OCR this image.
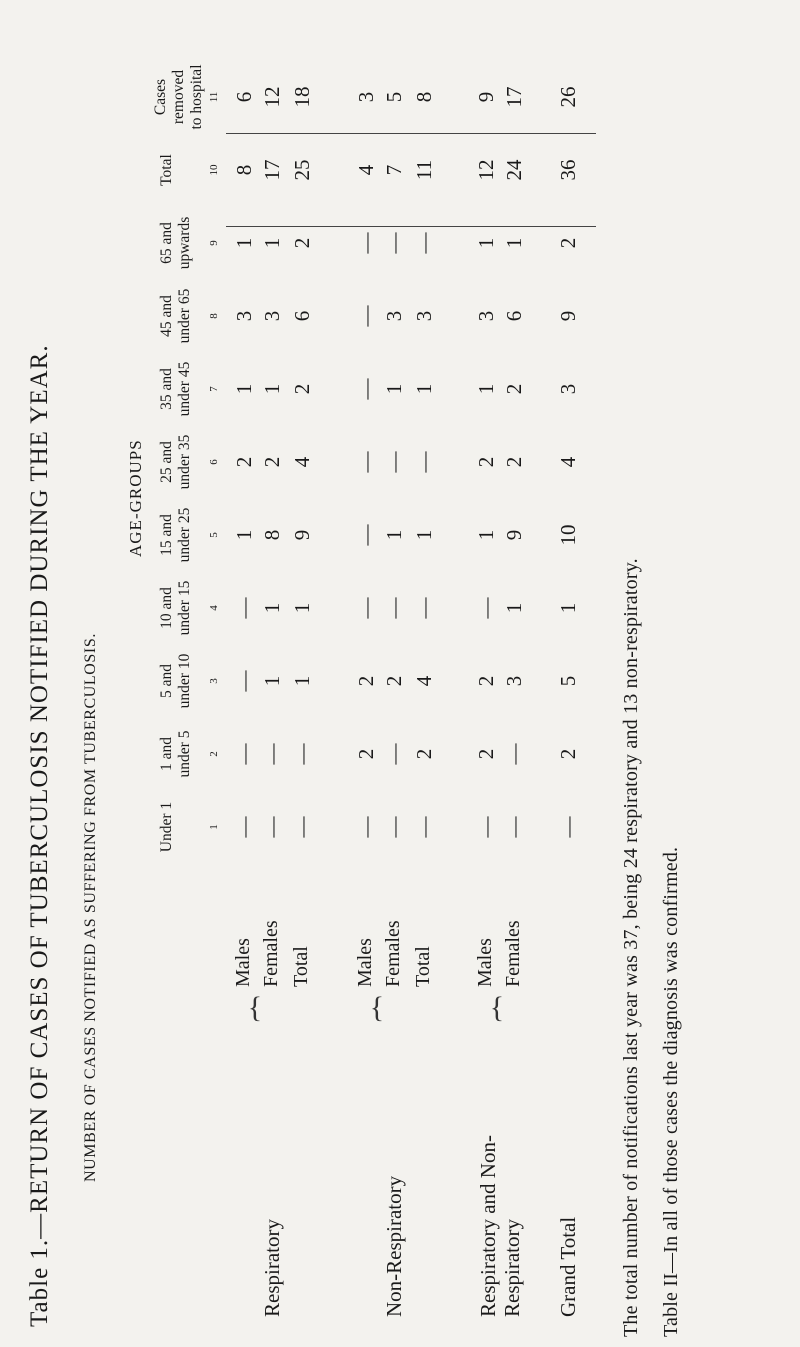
Table 1.—RETURN OF CASES OF TUBERCULOSIS NOTIFIED DURING THE YEAR. NUMBER OF CASES NOTIFIED AS SUFFERING FROM TUBERCULOSIS.
AGE-GROUPS
Under 1
1 and under 5
5 and under 10
10 and under 15
15 and under 25
25 and under 35
35 and under 45
45 and under 65
65 and upwards
Total
Cases removed to hospital
1
2
3
4
5
6
7
8
9
10
11
Respiratory
{
Males
—
—
—
—
1
2
1
3
1
8
6
Females
—
—
1
1
8
2
1
3
1
17
12
Total
—
—
1
1
9
4
2
6
2
25
18
Non-Respiratory
{
Males
—
2
2
—
—
—
—
—
—
4
3
Females
—
—
2
—
1
—
1
3
—
7
5
Total
—
2
4
—
1
—
1
3
—
11
8
Respiratory and Non-Respiratory
{
Males
—
2
2
—
1
2
1
3
1
12
9
Females
—
—
3
1
9
2
2
6
1
24
17
Grand Total
—
2
5
1
10
4
3
9
2
36
26
The total number of notifications last year was 37, being 24 respiratory and 13 non-respiratory. Table II—In all of those cases the diagnosis was confirmed.
